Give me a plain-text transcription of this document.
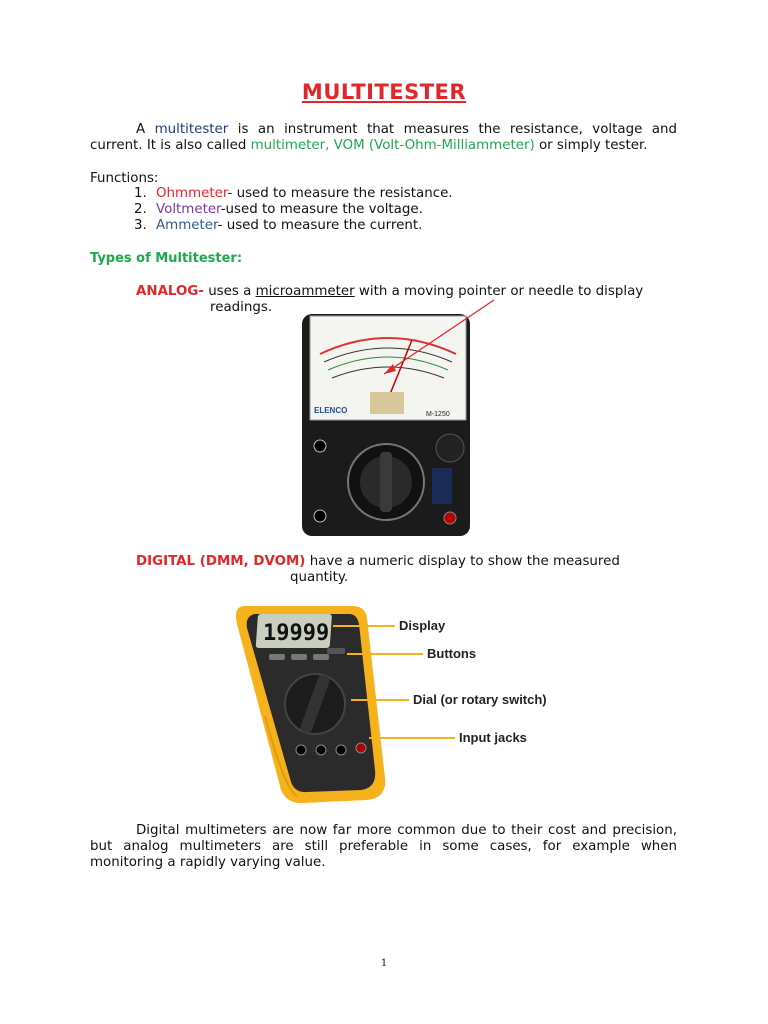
MULTITESTER
A multitester is an instrument that measures the resistance, voltage and current. It is also called multimeter, VOM (Volt-Ohm-Milliammeter) or simply tester.
Functions:
1. Ohmmeter- used to measure the resistance.
2. Voltmeter-used to measure the voltage.
3. Ammeter- used to measure the current.
Types of Multitester:
ANALOG- uses a microammeter with a moving pointer or needle to display
readings.
ELENCO	M-1250
DIGITAL (DMM, DVOM) have a numeric display to show the measured
quantity.
19999	Display
Buttons
Dial (or rotary switch)
Input jacks
Digital multimeters are now far more common due to their cost and precision, but analog multimeters are still preferable in some cases, for example when monitoring a rapidly varying value.
1
